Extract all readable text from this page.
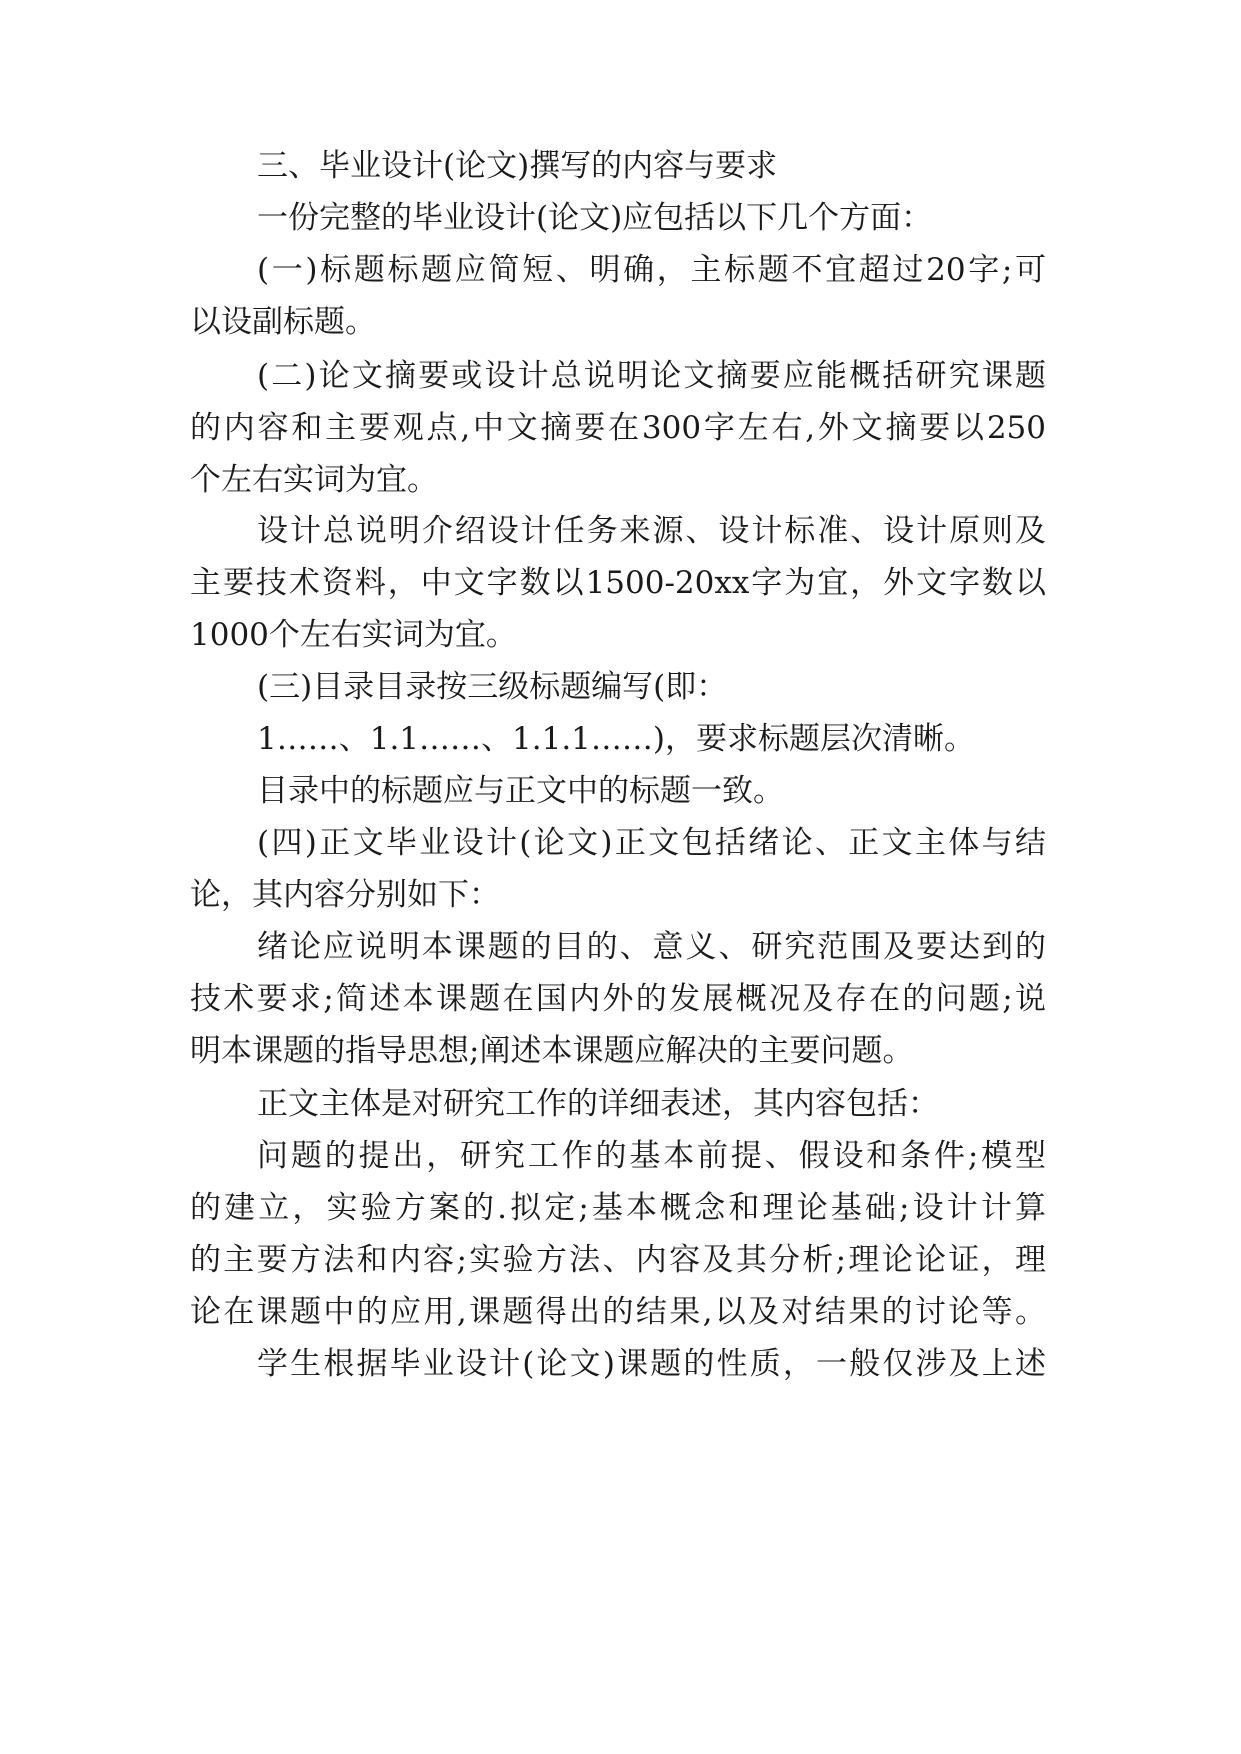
三、毕业设计(论文)撰写的内容与要求
一份完整的毕业设计(论文)应包括以下几个方面：
(一)标题标题应简短、明确，主标题不宜超过20字;可
以设副标题。
(二)论文摘要或设计总说明论文摘要应能概括研究课题
的内容和主要观点,中文摘要在300字左右,外文摘要以250
个左右实词为宜。
设计总说明介绍设计任务来源、设计标准、设计原则及
主要技术资料，中文字数以1500-20xx字为宜，外文字数以
1000个左右实词为宜。
(三)目录目录按三级标题编写(即：
1……、1.1……、1.1.1……)，要求标题层次清晰。
目录中的标题应与正文中的标题一致。
(四)正文毕业设计(论文)正文包括绪论、正文主体与结
论，其内容分别如下：
绪论应说明本课题的目的、意义、研究范围及要达到的
技术要求;简述本课题在国内外的发展概况及存在的问题;说
明本课题的指导思想;阐述本课题应解决的主要问题。
正文主体是对研究工作的详细表述，其内容包括：
问题的提出，研究工作的基本前提、假设和条件;模型
的建立，实验方案的.拟定;基本概念和理论基础;设计计算
的主要方法和内容;实验方法、内容及其分析;理论论证，理
论在课题中的应用,课题得出的结果,以及对结果的讨论等。
学生根据毕业设计(论文)课题的性质，一般仅涉及上述
